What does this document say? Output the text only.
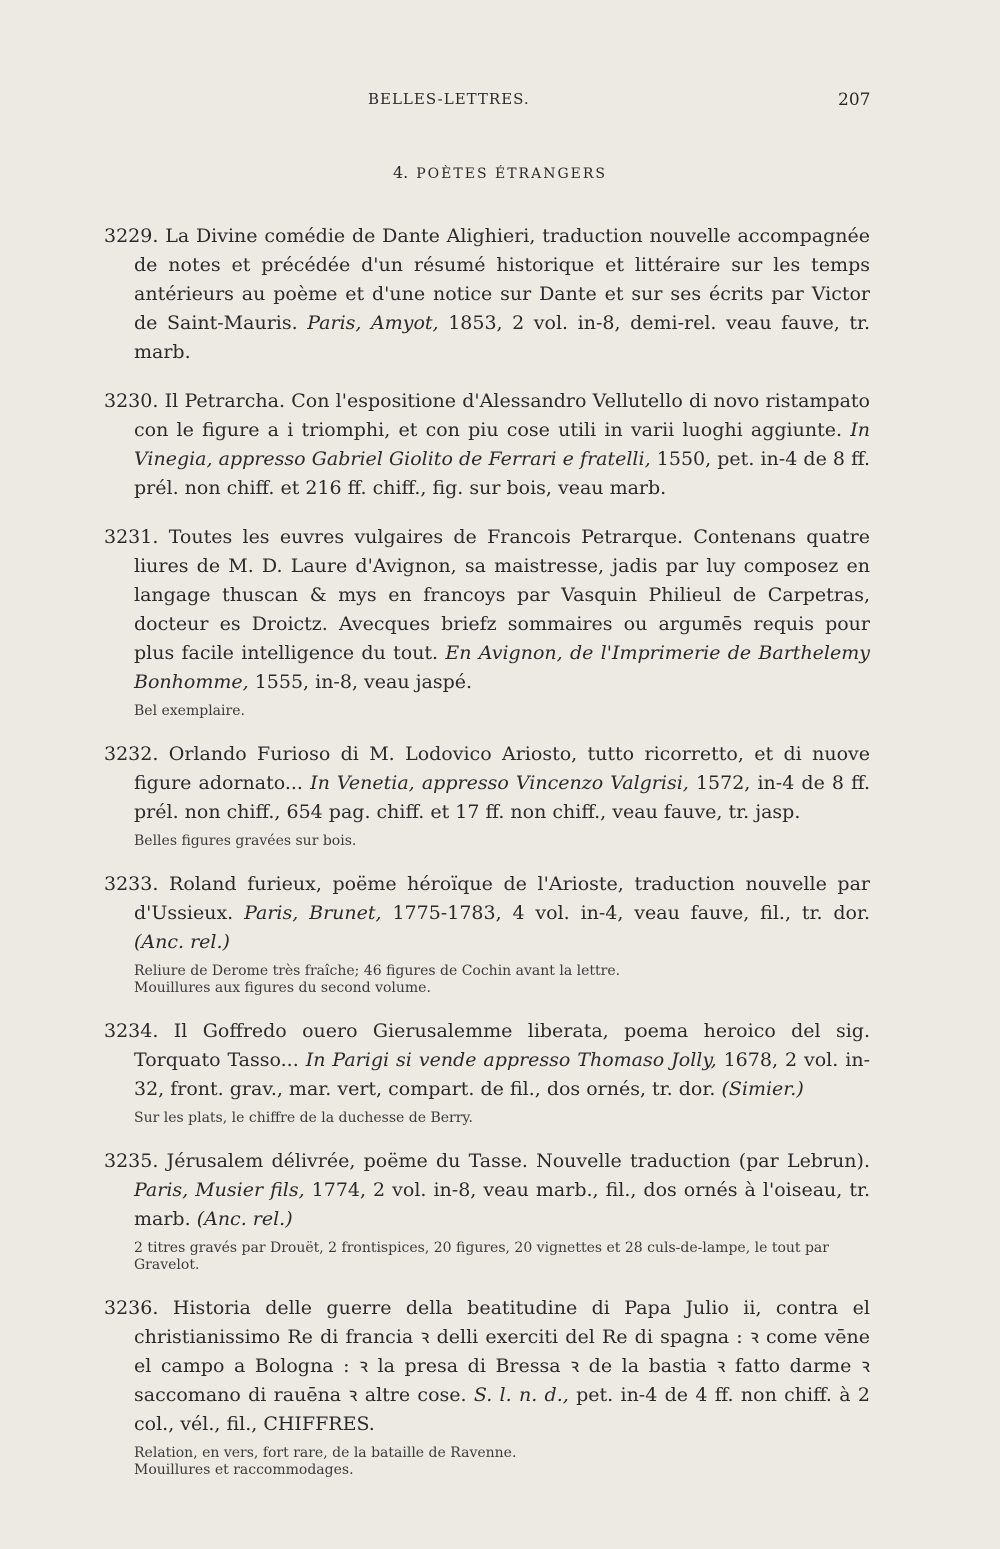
BELLES-LETTRES.	207
4. POÈTES ÉTRANGERS

3229. La Divine comédie de Dante Alighieri, traduction nouvelle accompagnée de notes et précédée d'un résumé historique et littéraire sur les temps antérieurs au poème et d'une notice sur Dante et sur ses écrits par Victor de Saint-Mauris. Paris, Amyot, 1853, 2 vol. in-8, demi-rel. veau fauve, tr. marb.

3230. Il Petrarcha. Con l'espositione d'Alessandro Vellutello di novo ristampato con le figure a i triomphi, et con piu cose utili in varii luoghi aggiunte. In Vinegia, appresso Gabriel Giolito de Ferrari e fratelli, 1550, pet. in-4 de 8 ff. prél. non chiff. et 216 ff. chiff., fig. sur bois, veau marb.

3231. Toutes les euvres vulgaires de Francois Petrarque. Contenans quatre liures de M. D. Laure d'Avignon, sa maistresse, jadis par luy composez en langage thuscan & mys en francoys par Vasquin Philieul de Carpetras, docteur es Droictz. Avecques briefz sommaires ou argumēs requis pour plus facile intelligence du tout. En Avignon, de l'Imprimerie de Barthelemy Bonhomme, 1555, in-8, veau jaspé.

Bel exemplaire.

3232. Orlando Furioso di M. Lodovico Ariosto, tutto ricorretto, et di nuove figure adornato... In Venetia, appresso Vincenzo Valgrisi, 1572, in-4 de 8 ff. prél. non chiff., 654 pag. chiff. et 17 ff. non chiff., veau fauve, tr. jasp.

Belles figures gravées sur bois.

3233. Roland furieux, poëme héroïque de l'Arioste, traduction nouvelle par d'Ussieux. Paris, Brunet, 1775-1783, 4 vol. in-4, veau fauve, fil., tr. dor. (Anc. rel.)

Reliure de Derome très fraîche; 46 figures de Cochin avant la lettre.
Mouillures aux figures du second volume.

3234. Il Goffredo ouero Gierusalemme liberata, poema heroico del sig. Torquato Tasso... In Parigi si vende appresso Thomaso Jolly, 1678, 2 vol. in-32, front. grav., mar. vert, compart. de fil., dos ornés, tr. dor. (Simier.)

Sur les plats, le chiffre de la duchesse de Berry.

3235. Jérusalem délivrée, poëme du Tasse. Nouvelle traduction (par Lebrun). Paris, Musier fils, 1774, 2 vol. in-8, veau marb., fil., dos ornés à l'oiseau, tr. marb. (Anc. rel.)

2 titres gravés par Drouët, 2 frontispices, 20 figures, 20 vignettes et 28 culs-de-lampe, le tout par Gravelot.

3236. Historia delle guerre della beatitudine di Papa Julio ii, contra el christianissimo Re di francia ꝛ delli exerciti del Re di spagna : ꝛ come vēne el campo a Bologna : ꝛ la presa di Bressa ꝛ de la bastia ꝛ fatto darme ꝛ saccomano di rauēna ꝛ altre cose. S. l. n. d., pet. in-4 de 4 ff. non chiff. à 2 col., vél., fil., CHIFFRES.

Relation, en vers, fort rare, de la bataille de Ravenne.
Mouillures et raccommodages.
